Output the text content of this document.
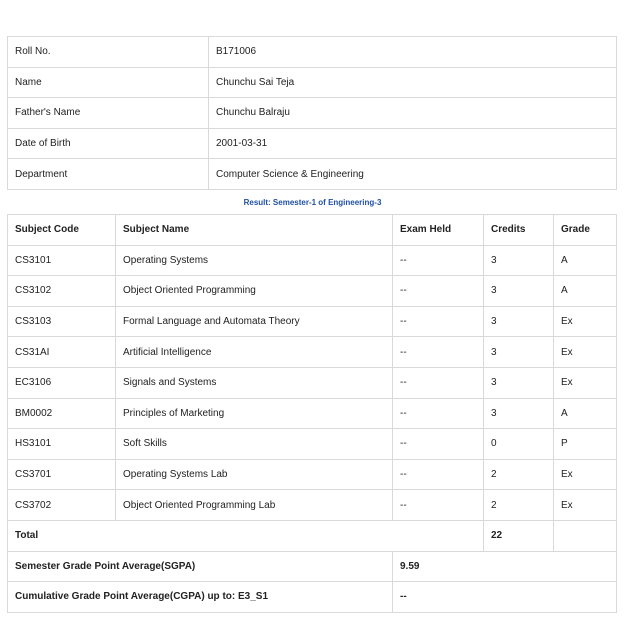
Roll No.	B171006
Name	Chunchu Sai Teja
Father's Name	Chunchu Balraju
Date of Birth	2001-03-31
Department	Computer Science & Engineering
Result: Semester-1 of Engineering-3
Subject Code	Subject Name	Exam Held	Credits	Grade
CS3101	Operating Systems	--	3	A
CS3102	Object Oriented Programming	--	3	A
CS3103	Formal Language and Automata Theory	--	3	Ex
CS31AI	Artificial Intelligence	--	3	Ex
EC3106	Signals and Systems	--	3	Ex
BM0002	Principles of Marketing	--	3	A
HS3101	Soft Skills	--	0	P
CS3701	Operating Systems Lab	--	2	Ex
CS3702	Object Oriented Programming Lab	--	2	Ex
Total			22	
Semester Grade Point Average(SGPA)		9.59		
Cumulative Grade Point Average(CGPA) up to: E3_S1		--		
